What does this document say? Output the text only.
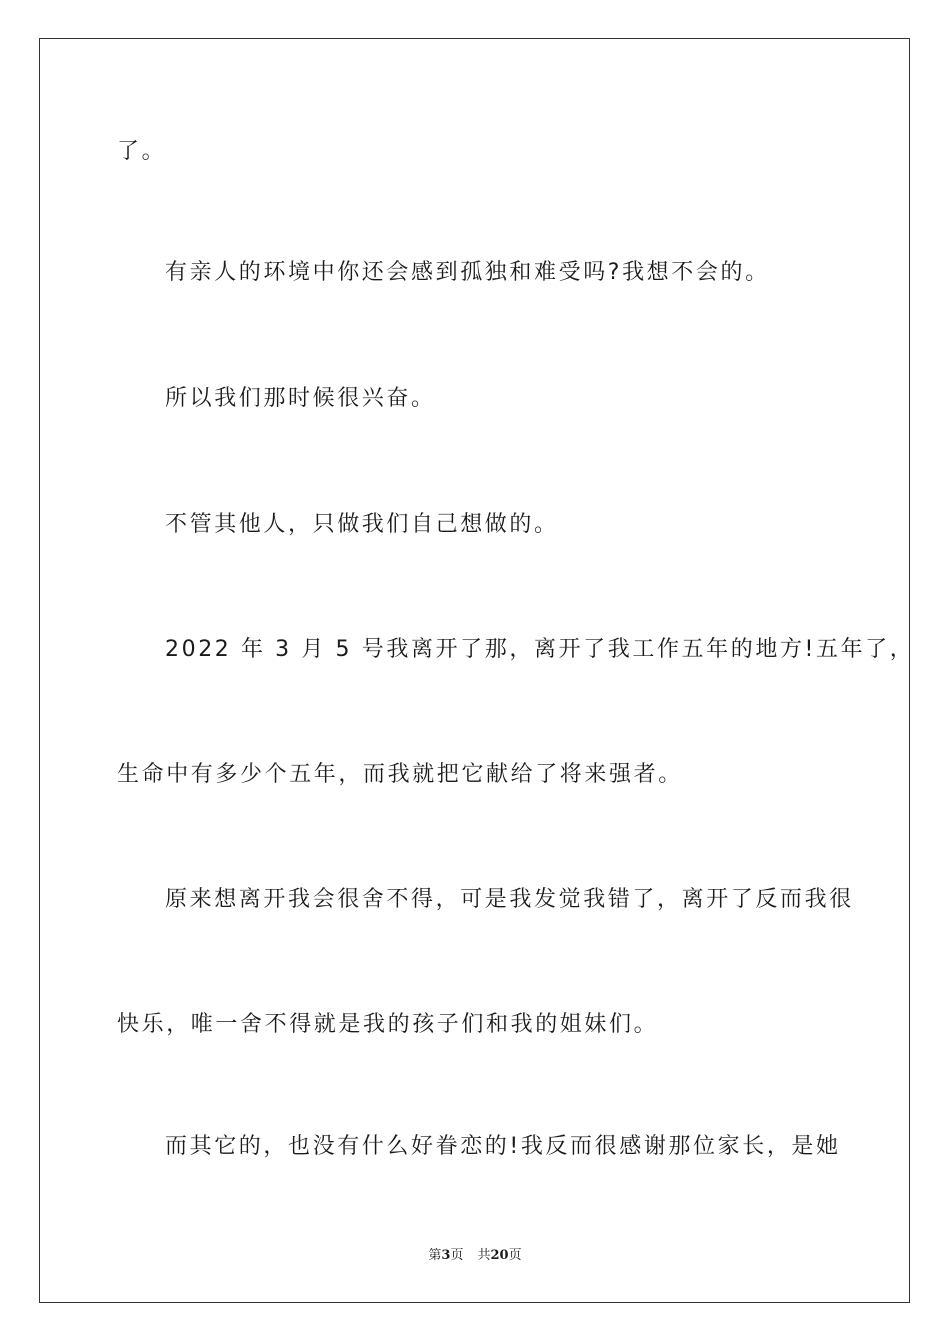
了。
有亲人的环境中你还会感到孤独和难受吗?我想不会的。
所以我们那时候很兴奋。
不管其他人，只做我们自己想做的。
2022 年 3 月 5 号我离开了那，离开了我工作五年的地方!五年了，
生命中有多少个五年，而我就把它献给了将来强者。
原来想离开我会很舍不得，可是我发觉我错了，离开了反而我很
快乐，唯一舍不得就是我的孩子们和我的姐妹们。
而其它的，也没有什么好眷恋的!我反而很感谢那位家长，是她
第3页 共20页
